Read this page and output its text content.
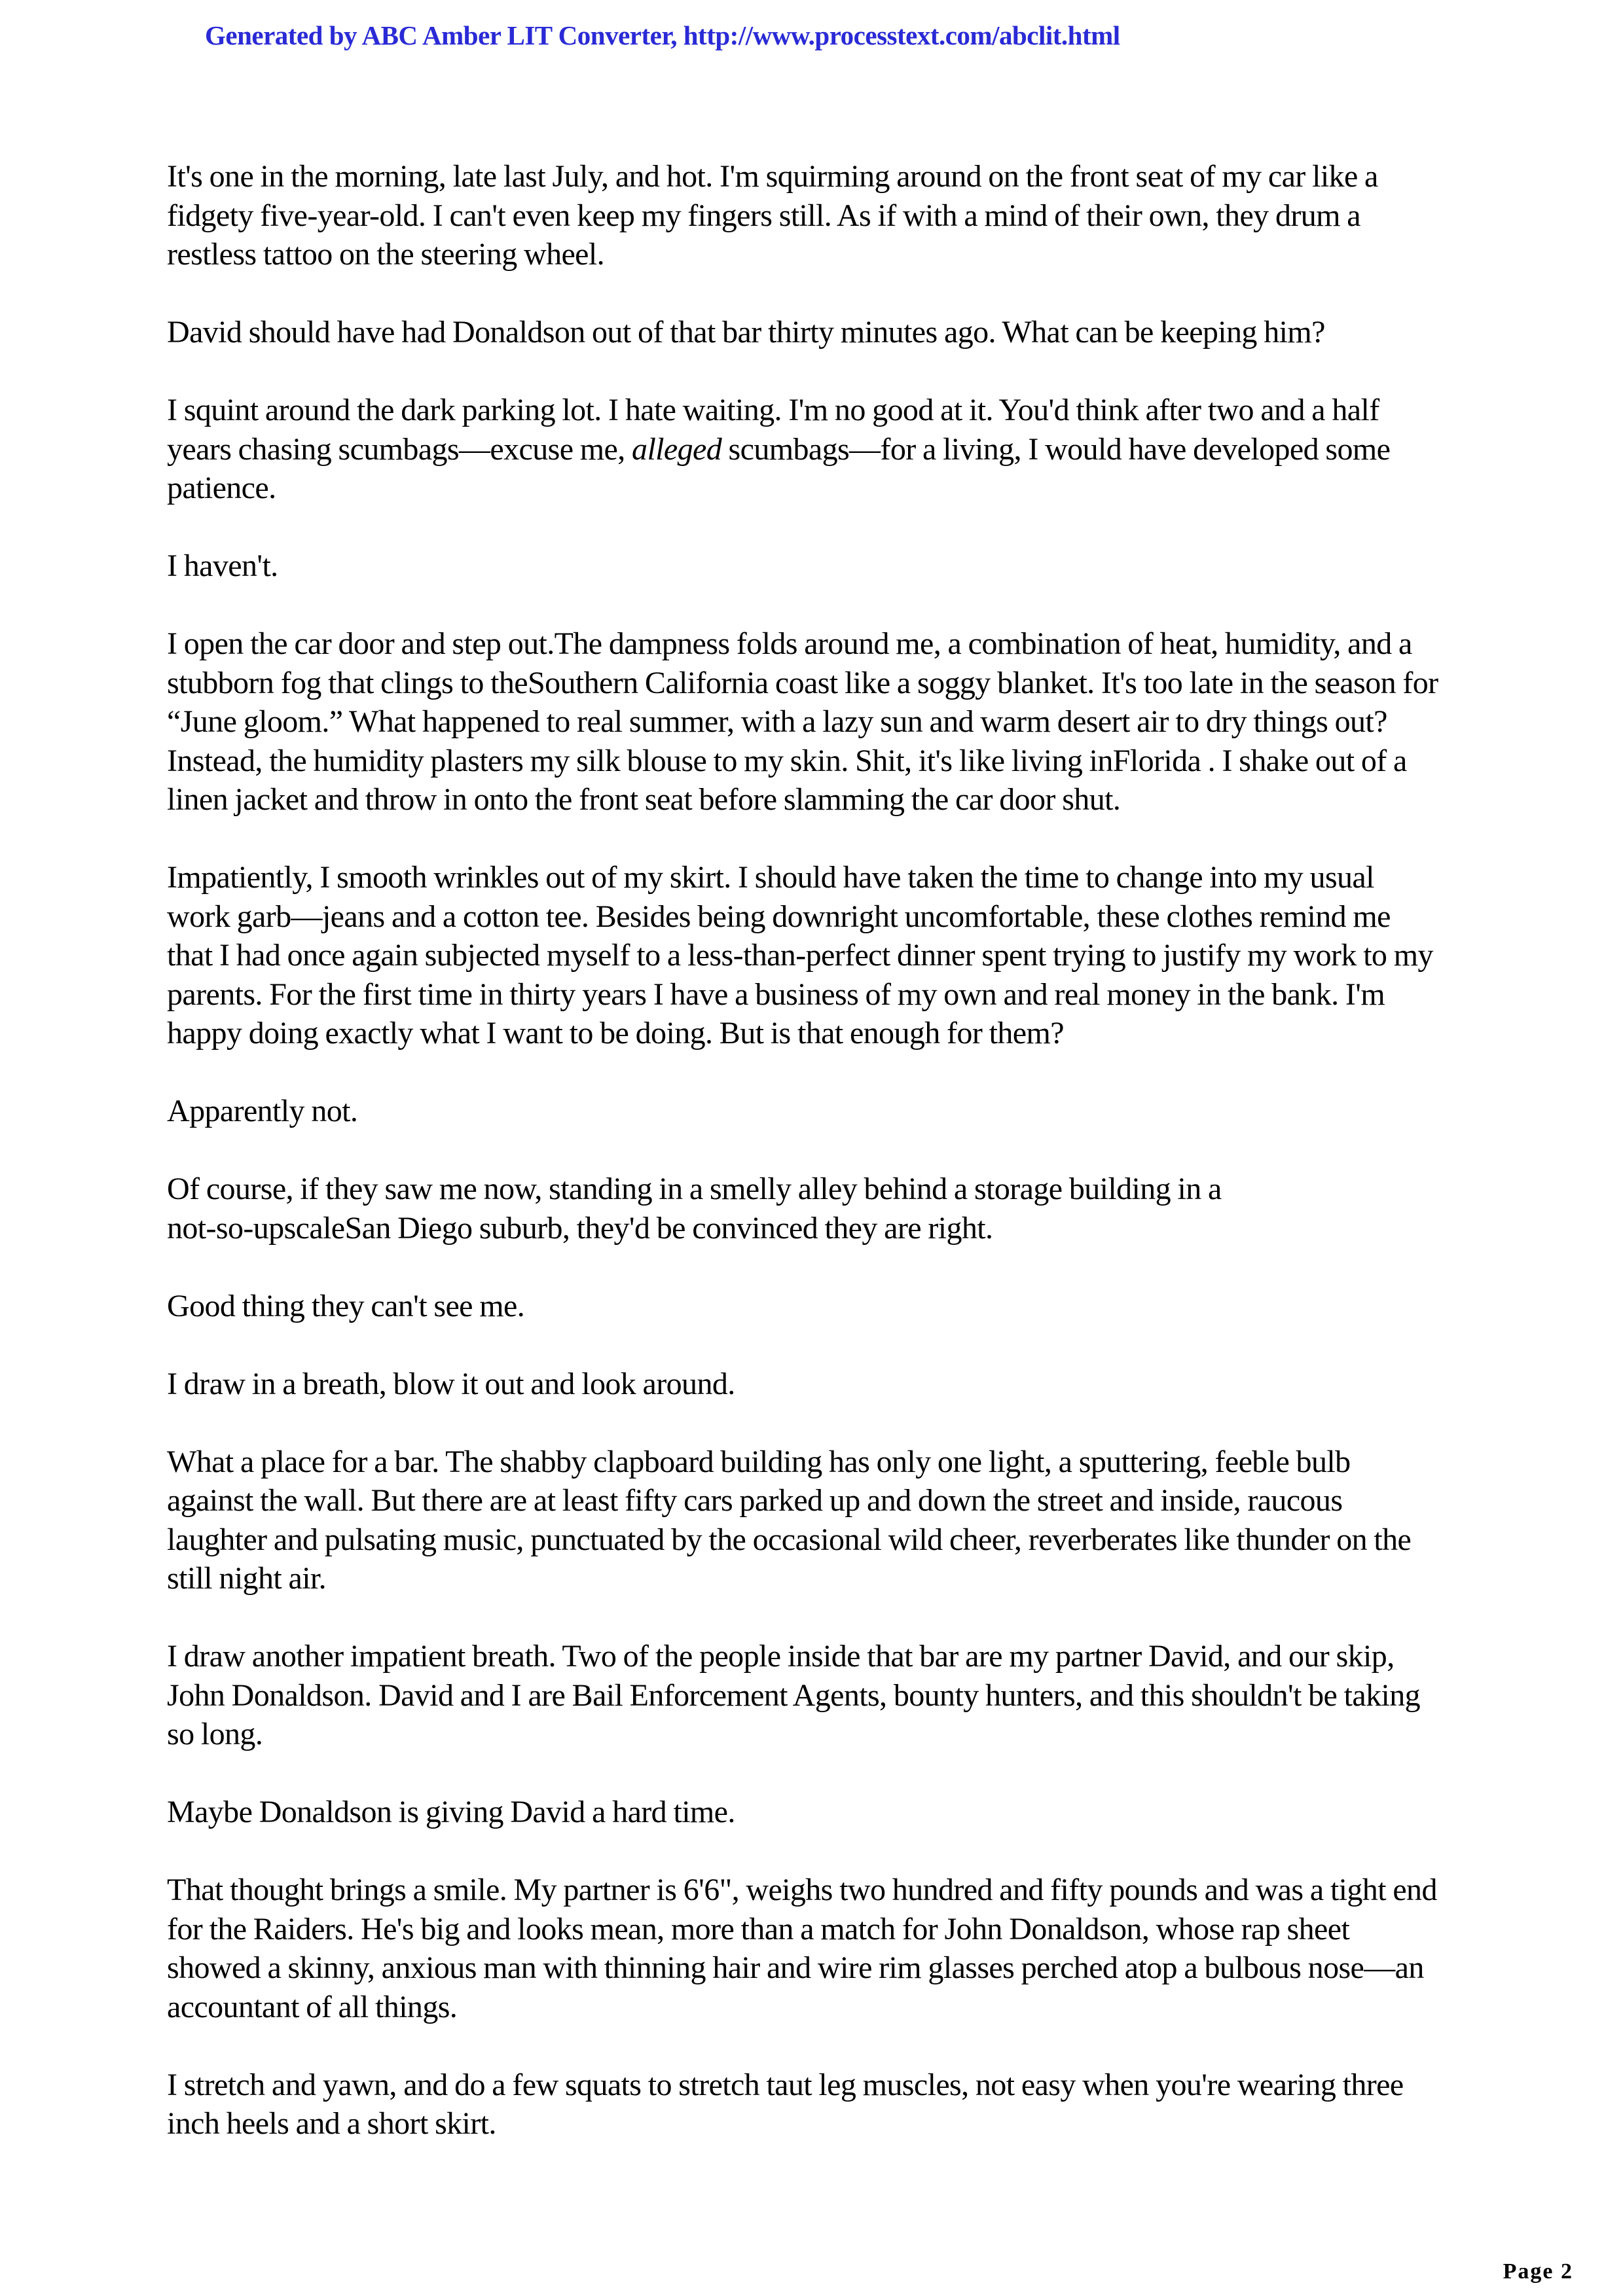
Generated by ABC Amber LIT Converter, http://www.processtext.com/abclit.html
It's one in the morning, late last July, and hot. I'm squirming around on the front seat of my car like a
fidgety five-year-old. I can't even keep my fingers still. As if with a mind of their own, they drum a
restless tattoo on the steering wheel.
David should have had Donaldson out of that bar thirty minutes ago. What can be keeping him?
I squint around the dark parking lot. I hate waiting. I'm no good at it. You'd think after two and a half
years chasing scumbags—excuse me, alleged scumbags—for a living, I would have developed some
patience.
I haven't.
I open the car door and step out.The dampness folds around me, a combination of heat, humidity, and a
stubborn fog that clings to theSouthern California coast like a soggy blanket. It's too late in the season for
“June gloom.” What happened to real summer, with a lazy sun and warm desert air to dry things out?
Instead, the humidity plasters my silk blouse to my skin. Shit, it's like living inFlorida . I shake out of a
linen jacket and throw in onto the front seat before slamming the car door shut.
Impatiently, I smooth wrinkles out of my skirt. I should have taken the time to change into my usual
work garb—jeans and a cotton tee. Besides being downright uncomfortable, these clothes remind me
that I had once again subjected myself to a less-than-perfect dinner spent trying to justify my work to my
parents. For the first time in thirty years I have a business of my own and real money in the bank. I'm
happy doing exactly what I want to be doing. But is that enough for them?
Apparently not.
Of course, if they saw me now, standing in a smelly alley behind a storage building in a
not-so-upscaleSan Diego suburb, they'd be convinced they are right.
Good thing they can't see me.
I draw in a breath, blow it out and look around.
What a place for a bar. The shabby clapboard building has only one light, a sputtering, feeble bulb
against the wall. But there are at least fifty cars parked up and down the street and inside, raucous
laughter and pulsating music, punctuated by the occasional wild cheer, reverberates like thunder on the
still night air.
I draw another impatient breath. Two of the people inside that bar are my partner David, and our skip,
John Donaldson. David and I are Bail Enforcement Agents, bounty hunters, and this shouldn't be taking
so long.
Maybe Donaldson is giving David a hard time.
That thought brings a smile. My partner is 6'6", weighs two hundred and fifty pounds and was a tight end
for the Raiders. He's big and looks mean, more than a match for John Donaldson, whose rap sheet
showed a skinny, anxious man with thinning hair and wire rim glasses perched atop a bulbous nose—an
accountant of all things.
I stretch and yawn, and do a few squats to stretch taut leg muscles, not easy when you're wearing three
inch heels and a short skirt.
Page 2
